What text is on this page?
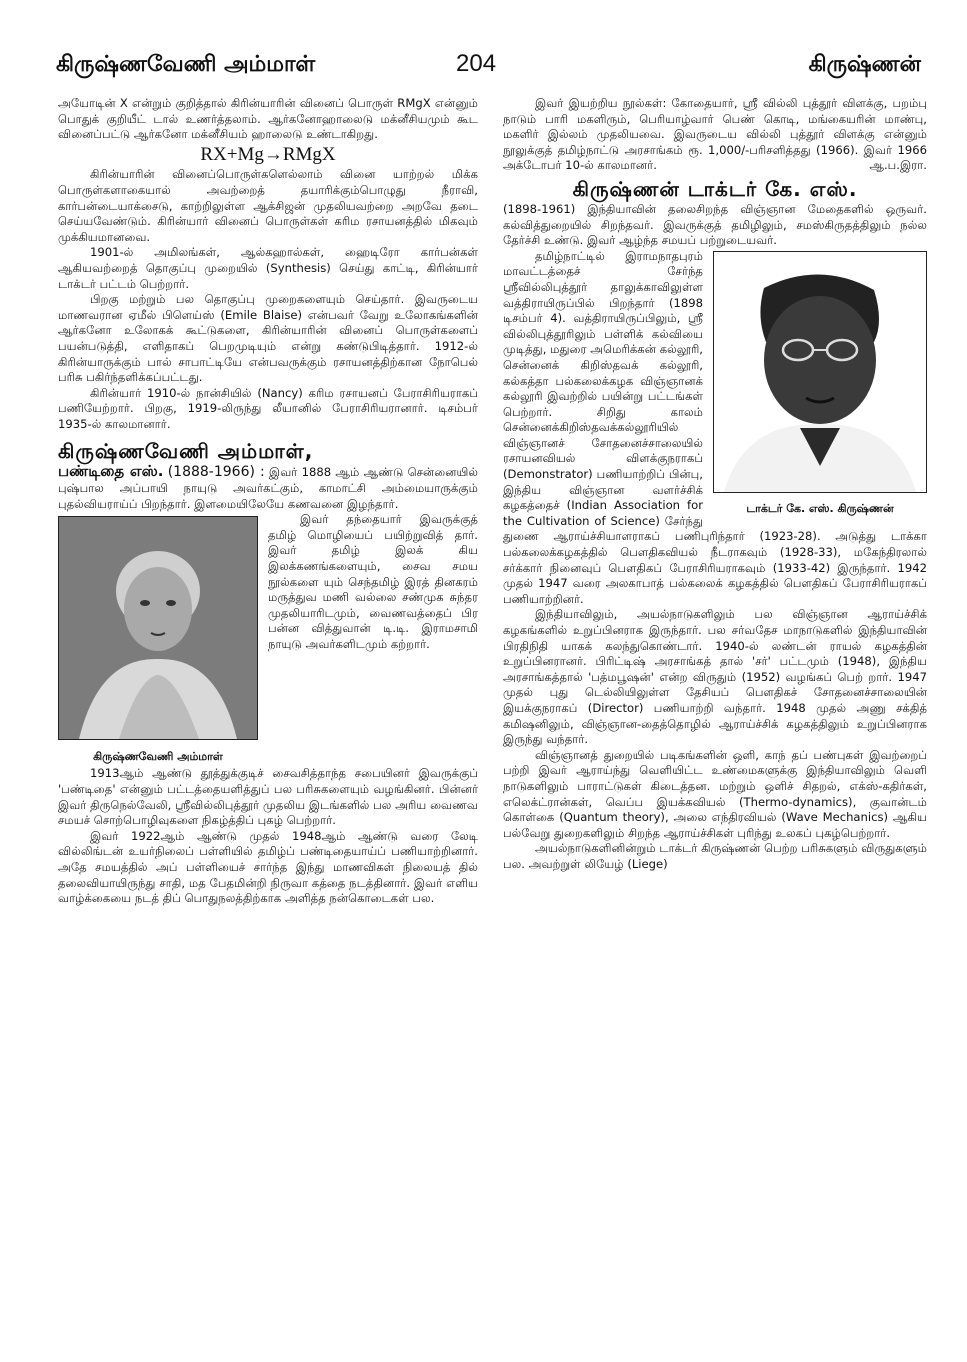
கிருஷ்ணவேணி அம்மாள்	204	கிருஷ்ணன்

அயோடின் X என்றும் குறித்தால் கிரின்யாரின் வினைப் பொருள் RMgX என்னும் பொதுக் குறியீட் டால் உணர்த்தலாம். ஆர்கனோஹாலைடு மக்னீசியமும் கூட வினைப்பட்டு ஆர்கனோ மக்னீசியம் ஹாலைடு உண்டாகிறது.

RX+Mg→RMgX

கிரின்யாரின் வினைப்பொருள்களெல்லாம் வினை யாற்றல் மிக்க பொருள்களாகையால் அவற்றைத் தயாரிக்கும்பொழுது நீராவி, கார்பன்டையாக்சைடு, காற்றிலுள்ள ஆக்சிஜன் முதலியவற்றை அறவே தடை செய்யவேண்டும். கிரின்யார் வினைப் பொருள்கள் கரிம ரசாயனத்தில் மிகவும் முக்கியமானவை.

1901-ல் அமிலங்கள், ஆல்கஹால்கள், ஹைடிரோ கார்பன்கள் ஆகியவற்றைத் தொகுப்பு முறையில் (Synthesis) செய்து காட்டி, கிரின்யார் டாக்டர் பட்டம் பெற்றார்.

பிறகு மற்றும் பல தொகுப்பு முறைகளையும் செய்தார். இவருடைய மாணவரான ஏமீல் பிளெய்ஸ் (Emile Blaise) என்பவர் வேறு உலோகங்களின் ஆர்கனோ உலோகக் கூட்டுகளை, கிரின்யாரின் வினைப் பொருள்களைப் பயன்படுத்தி, எளிதாகப் பெறமுடியும் என்று கண்டுபிடித்தார். 1912-ல் கிரின்யாருக்கும் பால் சாபாட்டியே என்பவருக்கும் ரசாயனத்திற்கான நோபெல் பரிசு பகிர்ந்தளிக்கப்பட்டது.

கிரின்யார் 1910-ல் நான்சியில் (Nancy) கரிம ரசாயனப் பேராசிரியராகப் பணியேற்றார். பிறகு, 1919-லிருந்து லீயானில் பேராசிரியரானார். டிசம்பர் 1935-ல் காலமானார்.

கிருஷ்ணவேணி அம்மாள்,

பண்டிதை எஸ். (1888-1966) : இவர் 1888 ஆம் ஆண்டு சென்னையில் புஷ்பால அப்பாயி நாயுடு அவர்கட்கும், காமாட்சி அம்மையாருக்கும் புதல்வியராய்ப் பிறந்தார். இளமையிலேயே கணவனை இழந்தார்.

கிருஷ்ணவேணி அம்மாள்

இவர் தந்தையார் இவருக்குத் தமிழ் மொழியைப் பயிற்றுவித் தார். இவர் தமிழ் இலக் கிய இலக்கணங்களையும், சைவ சமய நூல்களை யும் செந்தமிழ் இரத் தினகரம் மருத்துவ மணி வல்லை சண்முக சுந்தர முதலியாரிடமும், வைணவத்தைப் பிர பன்ன வித்துவான் டி.டி. இராமசாமி நாயுடு அவர்களிடமும் கற்றார்.

1913ஆம் ஆண்டு தூத்துக்குடிச் சைவசித்தாந்த சபையினர் இவருக்குப் 'பண்டிதை' என்னும் பட்டத்தையளித்துப் பல பரிசுகளையும் வழங்கினர். பின்னர் இவர் திருநெல்வேலி, ஸ்ரீவில்லிபுத்தூர் முதலிய இடங்களில் பல அரிய வைணவ சமயச் சொற்பொழிவுகளை நிகழ்த்திப் புகழ் பெற்றார்.

இவர் 1922ஆம் ஆண்டு முதல் 1948ஆம் ஆண்டு வரை லேடி வில்லிங்டன் உயர்நிலைப் பள்ளியில் தமிழ்ப் பண்டிதையாய்ப் பணியாற்றினார். அதே சமயத்தில் அப் பள்ளியைச் சார்ந்த இந்து மாணவிகள் நிலையத் தில் தலைவியாயிருந்து சாதி, மத பேதமின்றி நிருவா கத்தை நடத்தினார். இவர் எளிய வாழ்க்கையை நடத் திப் பொதுநலத்திற்காக அளித்த நன்கொடைகள் பல.

இவர் இயற்றிய நூல்கள்: கோதையார், ஸ்ரீ வில்லி புத்தூர் விளக்கு, பறம்பு நாடும் பாரி மகளிரும், பெரியாழ்வார் பெண் கொடி, மங்கையரின் மாண்பு, மகளிர் இல்லம் முதலியவை. இவருடைய வில்லி புத்தூர் விளக்கு என்னும் நூலுக்குத் தமிழ்நாட்டு அரசாங்கம் ரூ. 1,000/-பரிசளித்தது (1966). இவர் 1966 அக்டோபர் 10-ல் காலமானர்.	ஆ.ப.இரா.

கிருஷ்ணன் டாக்டர் கே. எஸ்.

(1898-1961) இந்தியாவின் தலைசிறந்த விஞ்ஞான மேதைகளில் ஒருவர். கல்வித்துறையில் சிறந்தவர். இவருக்குத் தமிழிலும், சமஸ்கிருதத்திலும் நல்ல தேர்ச்சி உண்டு. இவர் ஆழ்ந்த சமயப் பற்றுடையவர்.

டாக்டர் கே. எஸ். கிருஷ்ணன்

தமிழ்நாட்டில் இராமநாதபுரம் மாவட்டத்தைச் சேர்ந்த ஸ்ரீவில்லிபுத்தூர் தாலுக்காவிலுள்ள வத்திராயிருப்பில் பிறந்தார் (1898 டிசம்பர் 4). வத்திராயிருப்பிலும், ஸ்ரீ வில்லிபுத்தூரிலும் பள்ளிக் கல்வியை முடித்து, மதுரை அமெரிக்கன் கல்லூரி, சென்னைக் கிறிஸ்தவக் கல்லூரி, கல்கத்தா பல்கலைக்கழக விஞ்ஞானக் கல்லூரி இவற்றில் பயின்று பட்டங்கள் பெற்றார். சிறிது காலம் சென்னைக்கிறிஸ்தவக்கல்லூரியில் விஞ்ஞானச் சோதனைச்சாலையில் ரசாயனவியல் விளக்குநராகப் (Demonstrator) பணியாற்றிப் பின்பு, இந்திய விஞ்ஞான வளர்ச்சிக் கழகத்தைச் (Indian Association for the Cultivation of Science) சேர்ந்து துணை ஆராய்ச்சியாளராகப் பணிபுரிந்தார் (1923-28). அடுத்து டாக்கா பல்கலைக்கழகத்தில் பௌதிகவியல் நீடராகவும் (1928-33), மகேந்திரலால் சர்க்கார் நினைவுப் பௌதிகப் பேராசிரியராகவும் (1933-42) இருந்தார். 1942 முதல் 1947 வரை அலகாபாத் பல்கலைக் கழகத்தில் பௌதிகப் பேராசிரியராகப் பணியாற்றினர்.

இந்தியாவிலும், அயல்நாடுகளிலும் பல விஞ்ஞான ஆராய்ச்சிக் கழகங்களில் உறுப்பினராக இருந்தார். பல சர்வதேச மாநாடுகளில் இந்தியாவின் பிரதிநிதி யாகக் கலந்துகொண்டார். 1940-ல் லண்டன் ராயல் கழகத்தின் உறுப்பினரானர். பிரிட்டிஷ் அரசாங்கத் தால் 'சர்' பட்டமும் (1948), இந்திய அரசாங்கத்தால் 'பத்மபூஷன்' என்ற விருதும் (1952) வழங்கப் பெற் றார். 1947 முதல் புது டெல்லியிலுள்ள தேசியப் பௌதிகச் சோதனைச்சாலையின் இயக்குநராகப் (Director) பணியாற்றி வந்தார். 1948 முதல் அணு சக்தித் கமிஷனிலும், விஞ்ஞான-தைத்தொழில் ஆராய்ச்சிக் கழகத்திலும் உறுப்பினராக இருந்து வந்தார்.

விஞ்ஞானத் துறையில் படிகங்களின் ஒளி, காந் தப் பண்புகள் இவற்றைப் பற்றி இவர் ஆராய்ந்து வெளியிட்ட உண்மைகளுக்கு இந்தியாவிலும் வெளி நாடுகளிலும் பாராட்டுகள் கிடைத்தன. மற்றும் ஒளிச் சிதறல், எக்ஸ்-கதிர்கள், எலெக்ட்ரான்கள், வெப்ப இயக்கவியல் (Thermo-dynamics), குவான்டம் கொள்கை (Quantum theory), அலை எந்திரவியல் (Wave Mechanics) ஆகிய பல்வேறு துறைகளிலும் சிறந்த ஆராய்ச்சிகள் புரிந்து உலகப் புகழ்பெற்றார்.

அயல்நாடுகளினின்றும் டாக்டர் கிருஷ்ணன் பெற்ற பரிசுகளும் விருதுகளும் பல. அவற்றுள் லியேழ் (Liege)
